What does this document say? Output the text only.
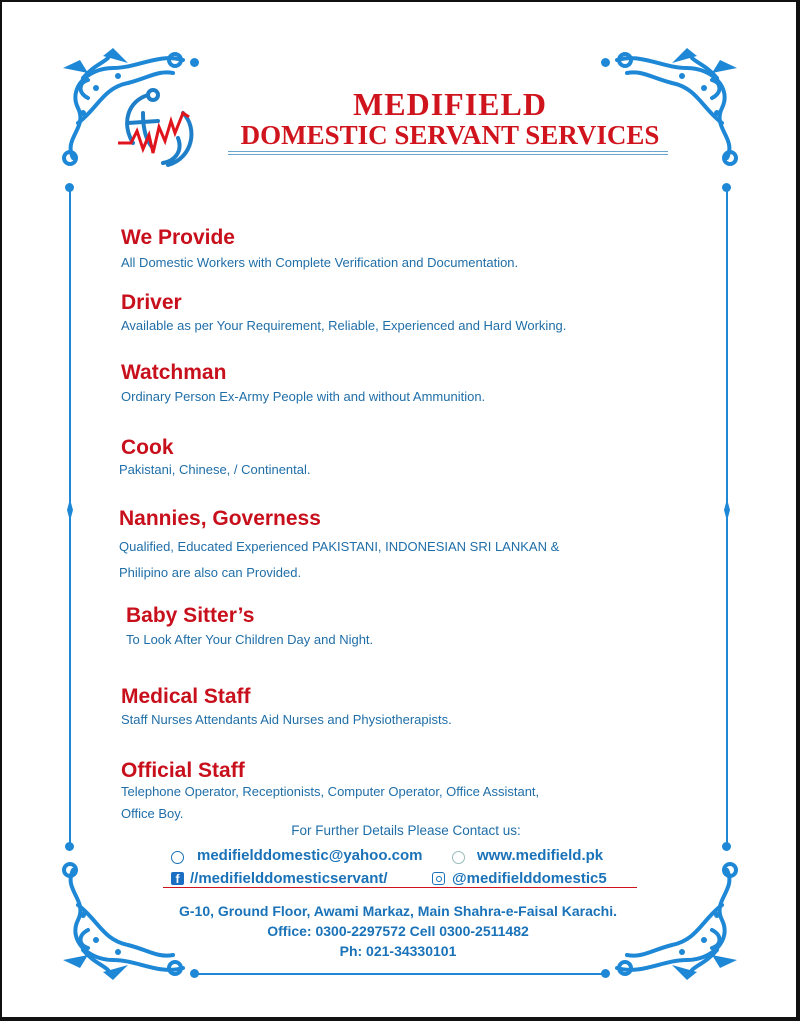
MEDIFIELD
DOMESTIC SERVANT SERVICES
We Provide
All Domestic Workers with Complete Verification and Documentation.
Driver
Available as per Your Requirement, Reliable, Experienced and Hard Working.
Watchman
Ordinary Person Ex-Army People with and without Ammunition.
Cook
Pakistani, Chinese, / Continental.
Nannies, Governess
Qualified, Educated Experienced PAKISTANI, INDONESIAN SRI LANKAN &
Philipino are also can Provided.
Baby Sitter’s
To Look After Your Children Day and Night.
Medical Staff
Staff Nurses Attendants Aid Nurses and Physiotherapists.
Official Staff
Telephone Operator, Receptionists, Computer Operator, Office Assistant,
Office Boy.
For Further Details Please Contact us:
medifielddomestic@yahoo.com	www.medifield.pk
f //medifielddomesticservant/	@medifielddomestic5
G-10, Ground Floor, Awami Markaz, Main Shahra-e-Faisal Karachi.
Office: 0300-2297572 Cell 0300-2511482
Ph: 021-34330101
